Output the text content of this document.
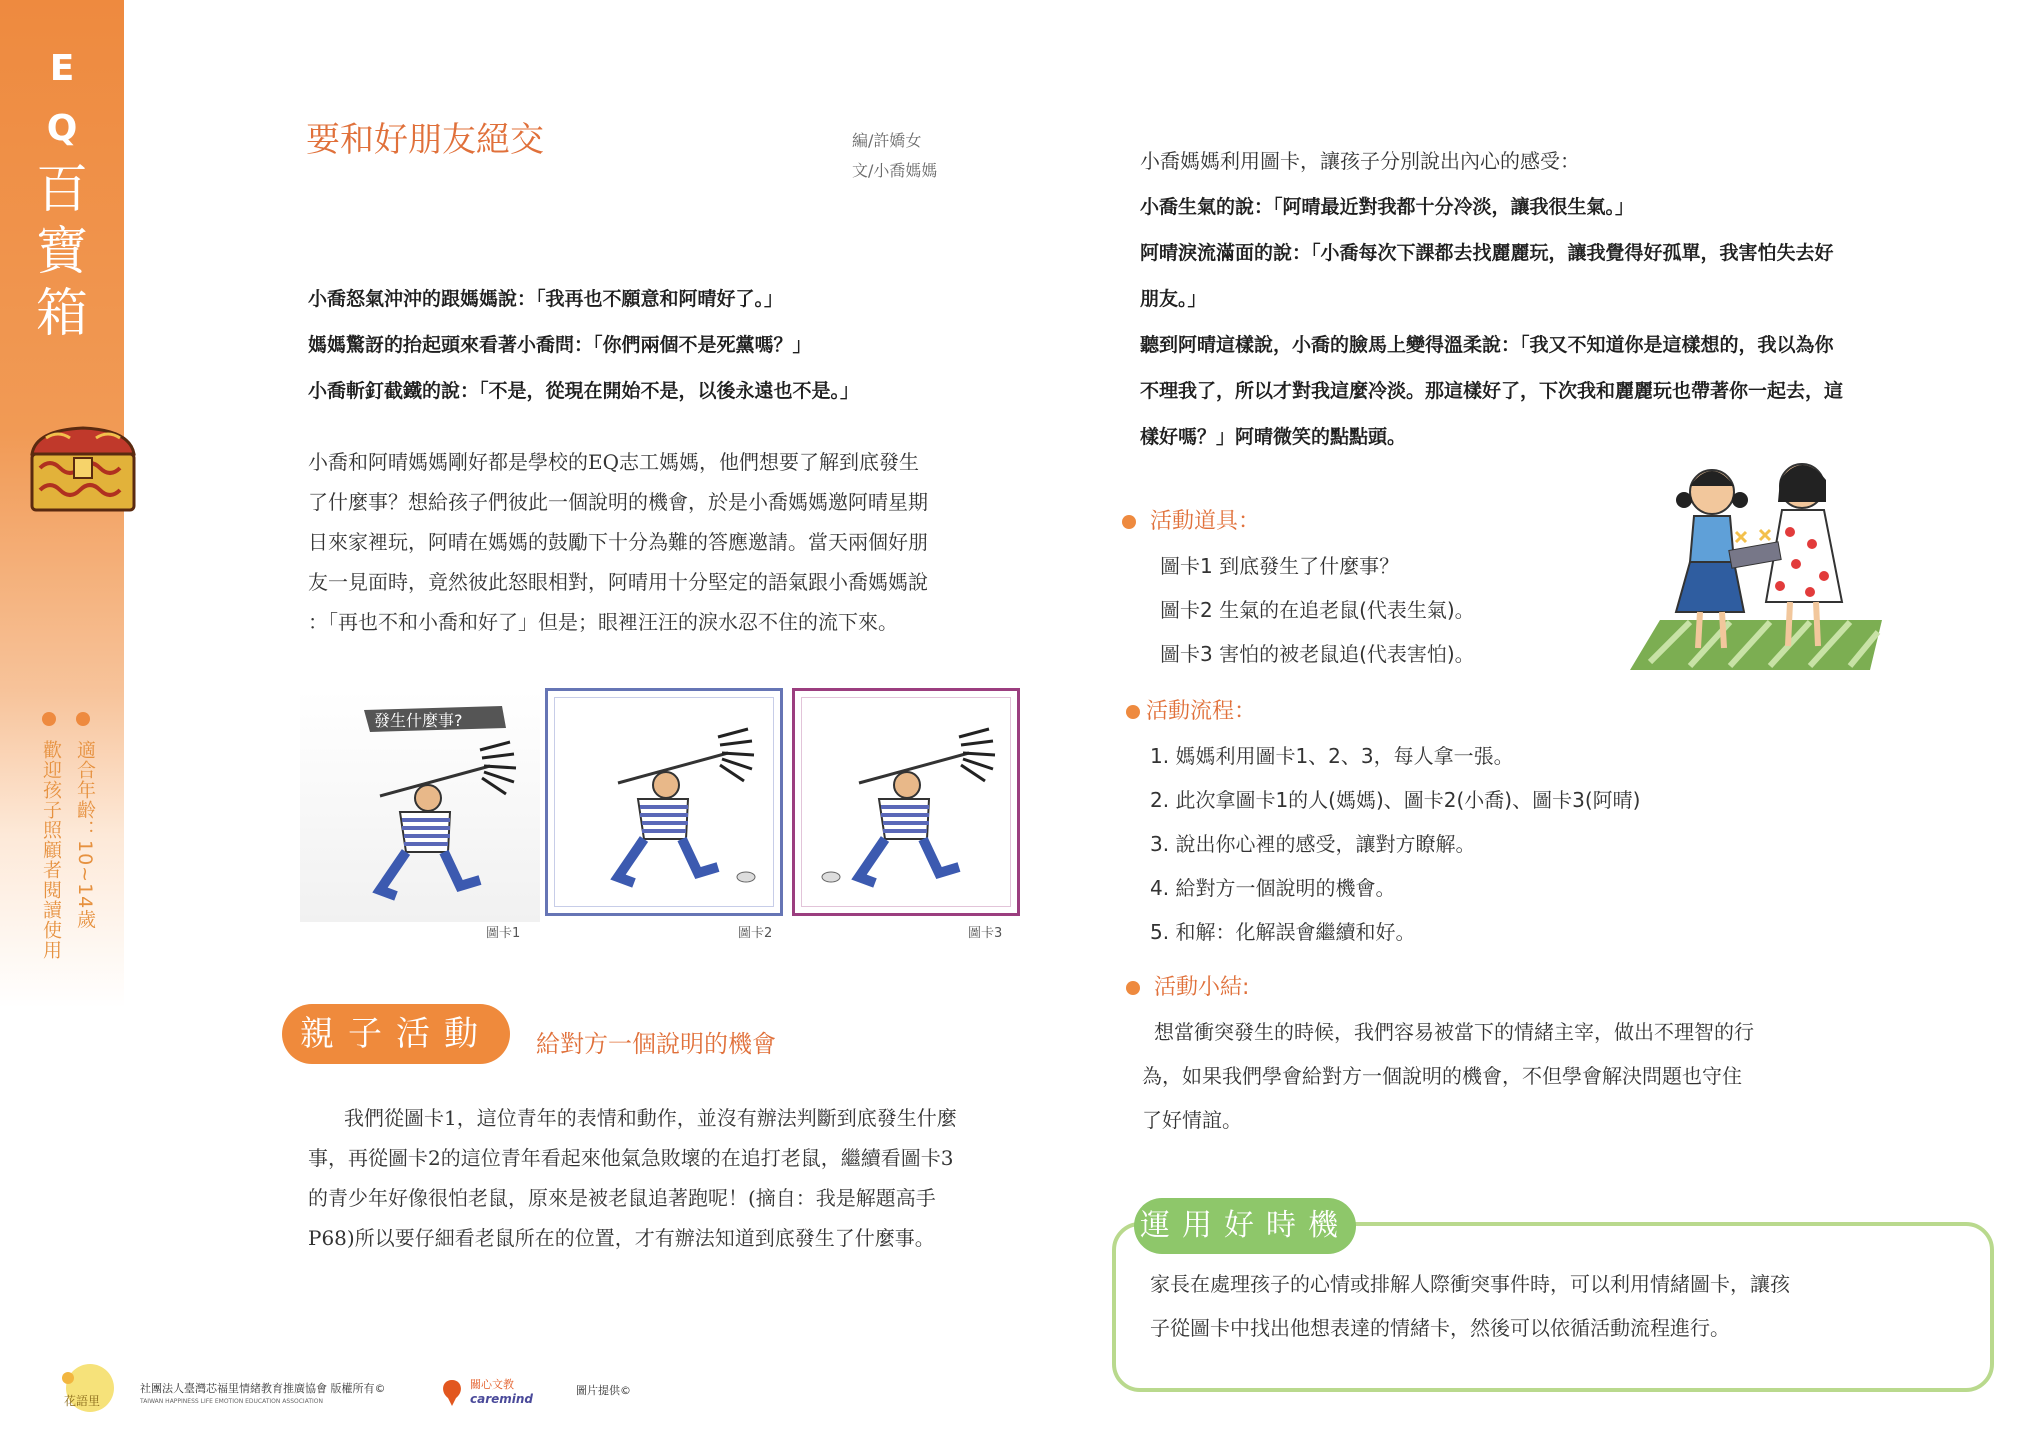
E
Q
百
寶
箱
適合年齡：10~14歲
歡迎孩子照顧者閱讀使用
要和好朋友絕交	編/許嬌女
文/小喬媽媽
小喬怒氣沖沖的跟媽媽說：「我再也不願意和阿晴好了。」
媽媽驚訝的抬起頭來看著小喬問：「你們兩個不是死黨嗎？」
小喬斬釘截鐵的說：「不是，從現在開始不是，以後永遠也不是。」
小喬和阿晴媽媽剛好都是學校的EQ志工媽媽，他們想要了解到底發生
了什麼事？想給孩子們彼此一個說明的機會，於是小喬媽媽邀阿晴星期
日來家裡玩，阿晴在媽媽的鼓勵下十分為難的答應邀請。當天兩個好朋
友一見面時，竟然彼此怒眼相對，阿晴用十分堅定的語氣跟小喬媽媽說
：「再也不和小喬和好了」但是；眼裡汪汪的淚水忍不住的流下來。
發生什麼事?
圖卡1	圖卡2	圖卡3
親子活動	給對方一個說明的機會
我們從圖卡1，這位青年的表情和動作，並沒有辦法判斷到底發生什麼
事，再從圖卡2的這位青年看起來他氣急敗壞的在追打老鼠，繼續看圖卡3
的青少年好像很怕老鼠，原來是被老鼠追著跑呢！(摘自：我是解題高手
P68)所以要仔細看老鼠所在的位置，才有辦法知道到底發生了什麼事。
小喬媽媽利用圖卡，讓孩子分別說出內心的感受：
小喬生氣的說：「阿晴最近對我都十分冷淡，讓我很生氣。」
阿晴淚流滿面的說：「小喬每次下課都去找麗麗玩，讓我覺得好孤單，我害怕失去好
朋友。」
聽到阿晴這樣說，小喬的臉馬上變得溫柔說：「我又不知道你是這樣想的，我以為你
不理我了，所以才對我這麼冷淡。那這樣好了，下次我和麗麗玩也帶著你一起去，這
樣好嗎？」阿晴微笑的點點頭。
活動道具：
圖卡1 到底發生了什麼事？
圖卡2 生氣的在追老鼠(代表生氣)。
圖卡3 害怕的被老鼠追(代表害怕)。
活動流程：
1. 媽媽利用圖卡1、2、3，每人拿一張。
2. 此次拿圖卡1的人(媽媽)、圖卡2(小喬)、圖卡3(阿晴)
3. 說出你心裡的感受，讓對方瞭解。
4. 給對方一個說明的機會。
5. 和解：化解誤會繼續和好。
活動小結:
想當衝突發生的時候，我們容易被當下的情緒主宰，做出不理智的行
為，如果我們學會給對方一個說明的機會，不但學會解決問題也守住
了好情誼。
運用好時機
家長在處理孩子的心情或排解人際衝突事件時，可以利用情緒圖卡，讓孩
子從圖卡中找出他想表達的情緒卡，然後可以依循活動流程進行。
花語里
社團法人臺灣芯福里情緒教育推廣協會 版權所有©
TAIWAN HAPPINESS LIFE EMOTION EDUCATION ASSOCIATION
關心文教
caremind
圖片提供©
